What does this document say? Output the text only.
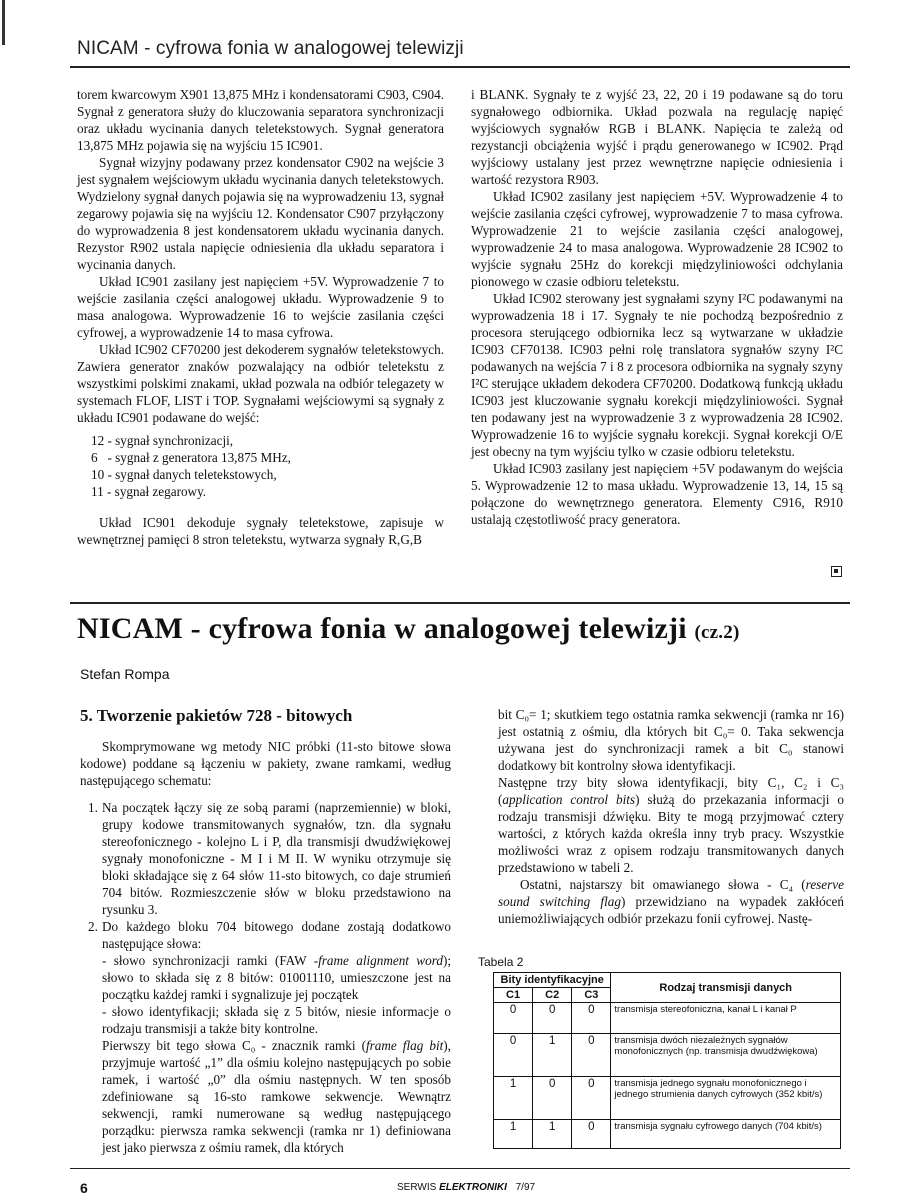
NICAM - cyfrowa fonia w analogowej telewizji

torem kwarcowym X901 13,875 MHz i kondensatorami C903, C904. Sygnał z generatora służy do kluczowania separatora synchronizacji oraz układu wycinania danych teletekstowych. Sygnał generatora 13,875 MHz pojawia się na wyjściu 15 IC901.

Sygnał wizyjny podawany przez kondensator C902 na wejście 3 jest sygnałem wejściowym układu wycinania danych teletekstowych. Wydzielony sygnał danych pojawia się na wyprowadzeniu 13, sygnał zegarowy pojawia się na wyjściu 12. Kondensator C907 przyłączony do wyprowadzenia 8 jest kondensatorem układu wycinania danych. Rezystor R902 ustala napięcie odniesienia dla układu separatora i wycinania danych.

Układ IC901 zasilany jest napięciem +5V. Wyprowadzenie 7 to wejście zasilania części analogowej układu. Wyprowadzenie 9 to masa analogowa. Wyprowadzenie 16 to wejście zasilania części cyfrowej, a wyprowadzenie 14 to masa cyfrowa.

Układ IC902 CF70200 jest dekoderem sygnałów teletekstowych. Zawiera generator znaków pozwalający na odbiór teletekstu z wszystkimi polskimi znakami, układ pozwala na odbiór telegazety w systemach FLOF, LIST i TOP. Sygnałami wejściowymi są sygnały z układu IC901 podawane do wejść:

12 - sygnał synchronizacji,
6   - sygnał z generatora 13,875 MHz,
10 - sygnał danych teletekstowych,
11 - sygnał zegarowy.

Układ IC901 dekoduje sygnały teletekstowe, zapisuje w wewnętrznej pamięci 8 stron teletekstu, wytwarza sygnały R,G,B

i BLANK. Sygnały te z wyjść 23, 22, 20 i 19 podawane są do toru sygnałowego odbiornika. Układ pozwala na regulację napięć wyjściowych sygnałów RGB i BLANK. Napięcia te zależą od rezystancji obciążenia wyjść i prądu generowanego w IC902. Prąd wyjściowy ustalany jest przez wewnętrzne napięcie odniesienia i wartość rezystora R903.

Układ IC902 zasilany jest napięciem +5V. Wyprowadzenie 4 to wejście zasilania części cyfrowej, wyprowadzenie 7 to masa cyfrowa. Wyprowadzenie 21 to wejście zasilania części analogowej, wyprowadzenie 24 to masa analogowa. Wyprowadzenie 28 IC902 to wyjście sygnału 25Hz do korekcji międzyliniowości odchylania pionowego w czasie odbioru teletekstu.

Układ IC902 sterowany jest sygnałami szyny I²C podawanymi na wyprowadzenia 18 i 17. Sygnały te nie pochodzą bezpośrednio z procesora sterującego odbiornika lecz są wytwarzane w układzie IC903 CF70138. IC903 pełni rolę translatora sygnałów szyny I²C podawanych na wejścia 7 i 8 z procesora odbiornika na sygnały szyny I²C sterujące układem dekodera CF70200. Dodatkową funkcją układu IC903 jest kluczowanie sygnału korekcji międzyliniowości. Sygnał ten podawany jest na wyprowadzenie 3 z wyprowadzenia 28 IC902. Wyprowadzenie 16 to wyjście sygnału korekcji. Sygnał korekcji O/E jest obecny na tym wyjściu tylko w czasie odbioru teletekstu.

Układ IC903 zasilany jest napięciem +5V podawanym do wejścia 5. Wyprowadzenie 12 to masa układu. Wyprowadzenie 13, 14, 15 są połączone do wewnętrznego generatora. Elementy C916, R910 ustalają częstotliwość pracy generatora.

NICAM - cyfrowa fonia w analogowej telewizji (cz.2)
Stefan Rompa
5. Tworzenie pakietów 728 - bitowych

Skomprymowane wg metody NIC próbki (11-sto bitowe słowa kodowe) poddane są łączeniu w pakiety, zwane ramkami, według następującego schematu:

1. Na początek łączy się ze sobą parami (naprzemiennie) w bloki, grupy kodowe transmitowanych sygnałów, tzn. dla sygnału stereofonicznego - kolejno L i P, dla transmisji dwudźwiękowej sygnały monofoniczne - M I i M II. W wyniku otrzymuje się bloki składające się z 64 słów 11-sto bitowych, co daje strumień 704 bitów. Rozmieszczenie słów w bloku przedstawiono na rysunku 3.
2. Do każdego bloku 704 bitowego dodane zostają dodatkowo następujące słowa:

- słowo synchronizacji ramki (FAW -frame alignment word); słowo to składa się z 8 bitów: 01001110, umieszczone jest na początku każdej ramki i sygnalizuje jej początek

- słowo identyfikacji; składa się z 5 bitów, niesie informacje o rodzaju transmisji a także bity kontrolne.

Pierwszy bit tego słowa C₀ - znacznik ramki (frame flag bit), przyjmuje wartość „1” dla ośmiu kolejno następujących po sobie ramek, i wartość „0” dla ośmiu następnych. W ten sposób zdefiniowane są 16-sto ramkowe sekwencje. Wewnątrz sekwencji, ramki numerowane są według następującego porządku: pierwsza ramka sekwencji (ramka nr 1) definiowana jest jako pierwsza z ośmiu ramek, dla których

bit C₀= 1; skutkiem tego ostatnia ramka sekwencji (ramka nr 16) jest ostatnią z ośmiu, dla których bit C₀= 0. Taka sekwencja używana jest do synchronizacji ramek a bit C₀ stanowi dodatkowy bit kontrolny słowa identyfikacji.

Następne trzy bity słowa identyfikacji, bity C₁, C₂ i C₃ (application control bits) służą do przekazania informacji o rodzaju transmisji dźwięku. Bity te mogą przyjmować cztery wartości, z których każda określa inny tryb pracy. Wszystkie możliwości wraz z opisem rodzaju transmitowanych danych przedstawiono w tabeli 2.

Ostatni, najstarszy bit omawianego słowa - C₄ (reserve sound switching flag) przewidziano na wypadek zakłóceń uniemożliwiających odbiór przekazu fonii cyfrowej. Nastę-

Tabela 2
Bity identyfikacyjne			Rodzaj transmisji danych
C1	C2	C3	
0	0	0	transmisja stereofoniczna, kanał L i kanał P
0	1	0	transmisja dwóch niezależnych sygnałów monofonicznych (np. transmisja dwudźwiękowa)
1	0	0	transmisja jednego sygnału monofonicznego i jednego strumienia danych cyfrowych (352 kbit/s)
1	1	0	transmisja sygnału cyfrowego danych (704 kbit/s)
6	SERWIS ELEKTRONIKI 7/97
